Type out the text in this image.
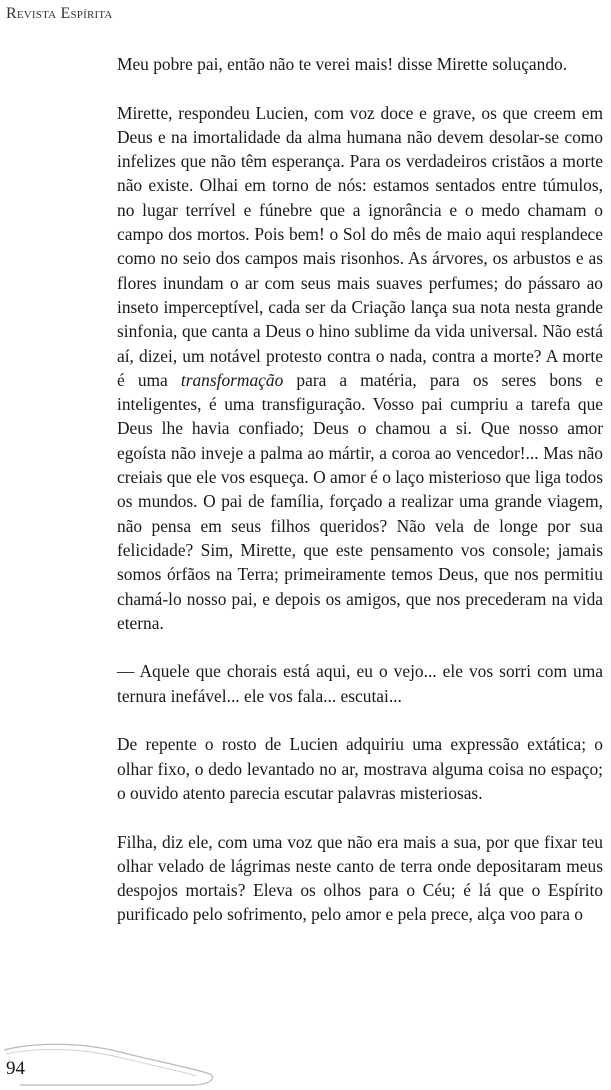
Revista Espírita

Meu pobre pai, então não te verei mais! disse Mirette soluçando.

Mirette, respondeu Lucien, com voz doce e grave, os que creem em Deus e na imortalidade da alma humana não devem desolar-se como infelizes que não têm esperança. Para os verdadeiros cristãos a morte não existe. Olhai em torno de nós: estamos sentados entre túmulos, no lugar terrível e fúnebre que a ignorância e o medo chamam o campo dos mortos. Pois bem! o Sol do mês de maio aqui resplandece como no seio dos campos mais risonhos. As árvores, os arbustos e as flores inundam o ar com seus mais suaves perfumes; do pássaro ao inseto imperceptível, cada ser da Criação lança sua nota nesta grande sinfonia, que canta a Deus o hino sublime da vida universal. Não está aí, dizei, um notável protesto contra o nada, contra a morte? A morte é uma transformação para a matéria, para os seres bons e inteligentes, é uma transfiguração. Vosso pai cumpriu a tarefa que Deus lhe havia confiado; Deus o chamou a si. Que nosso amor egoísta não inveje a palma ao mártir, a coroa ao vencedor!... Mas não creiais que ele vos esqueça. O amor é o laço misterioso que liga todos os mundos. O pai de família, forçado a realizar uma grande viagem, não pensa em seus filhos queridos? Não vela de longe por sua felicidade? Sim, Mirette, que este pensamento vos console; jamais somos órfãos na Terra; primeiramente temos Deus, que nos permitiu chamá-lo nosso pai, e depois os amigos, que nos precederam na vida eterna.

— Aquele que chorais está aqui, eu o vejo... ele vos sorri com uma ternura inefável... ele vos fala... escutai...

De repente o rosto de Lucien adquiriu uma expressão extática; o olhar fixo, o dedo levantado no ar, mostrava alguma coisa no espaço; o ouvido atento parecia escutar palavras misteriosas.

Filha, diz ele, com uma voz que não era mais a sua, por que fixar teu olhar velado de lágrimas neste canto de terra onde depositaram meus despojos mortais? Eleva os olhos para o Céu; é lá que o Espírito purificado pelo sofrimento, pelo amor e pela prece, alça voo para o

94
